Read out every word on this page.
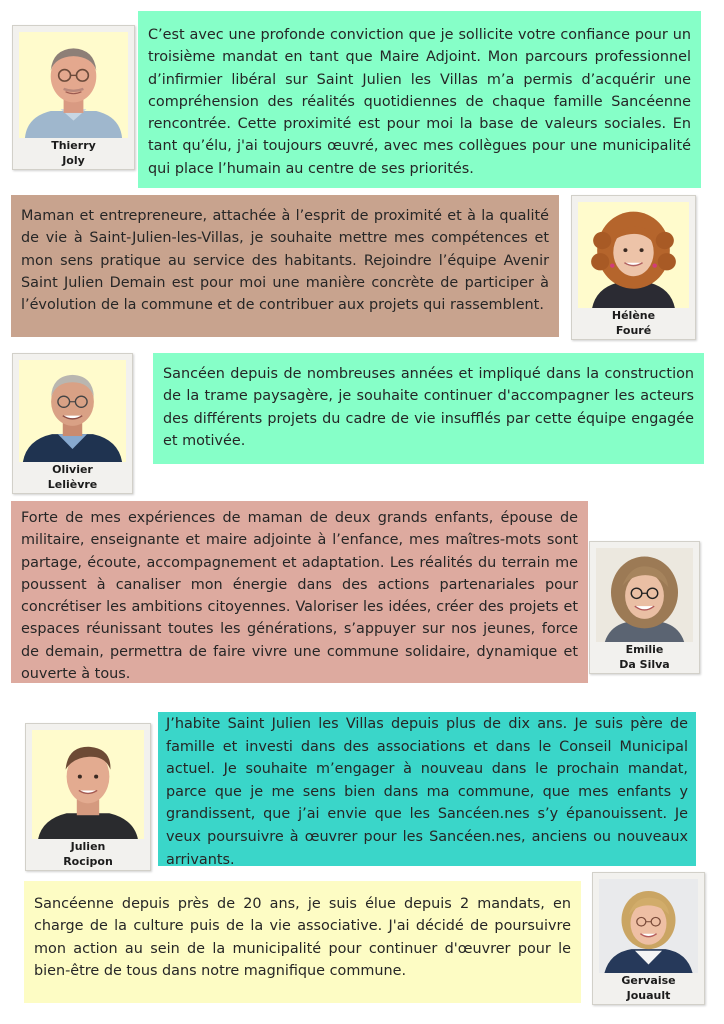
Thierry
Joly

C’est avec une profonde conviction que je sollicite votre confiance pour un troisième mandat en tant que Maire Adjoint. Mon parcours professionnel d’infirmier libéral sur Saint Julien les Villas m’a permis d’acquérir une compréhension des réalités quotidiennes de chaque famille Sancéenne rencontrée. Cette proximité est pour moi la base de valeurs sociales. En tant qu’élu, j'ai toujours œuvré, avec mes collègues pour une municipalité qui place l’humain au centre de ses priorités.

Maman et entrepreneure, attachée à l’esprit de proximité et à la qualité de vie à Saint-Julien-les-Villas, je souhaite mettre mes compétences et mon sens pratique au service des habitants. Rejoindre l’équipe Avenir Saint Julien Demain est pour moi une manière concrète de participer à l’évolution de la commune et de contribuer aux projets qui rassemblent.

Hélène
Fouré
Olivier
Lelièvre

Sancéen depuis de nombreuses années et impliqué dans la construction de la trame paysagère, je souhaite continuer d'accompagner les acteurs des différents projets du cadre de vie insufflés par cette équipe engagée et motivée.

Forte de mes expériences de maman de deux grands enfants, épouse de militaire, enseignante et maire adjointe à l’enfance, mes maîtres-mots sont partage, écoute, accompagnement et adaptation. Les réalités du terrain me poussent à canaliser mon énergie dans des actions partenariales pour concrétiser les ambitions citoyennes. Valoriser les idées, créer des projets et espaces réunissant toutes les générations, s’appuyer sur nos jeunes, force de demain, permettra de faire vivre une commune solidaire, dynamique et ouverte à tous.

Emilie
Da Silva
Julien
Rocipon

J’habite Saint Julien les Villas depuis plus de dix ans. Je suis père de famille et investi dans des associations et dans le Conseil Municipal actuel. Je souhaite m’engager à nouveau dans le prochain mandat, parce que je me sens bien dans ma commune, que mes enfants y grandissent, que j’ai envie que les Sancéen.nes s’y épanouissent. Je veux poursuivre à œuvrer pour les Sancéen.nes, anciens ou nouveaux arrivants.

Sancéenne depuis près de 20 ans, je suis élue depuis 2 mandats, en charge de la culture puis de la vie associative. J'ai décidé de poursuivre mon action au sein de la municipalité pour continuer d'œuvrer pour le bien-être de tous dans notre magnifique commune.

Gervaise
Jouault
